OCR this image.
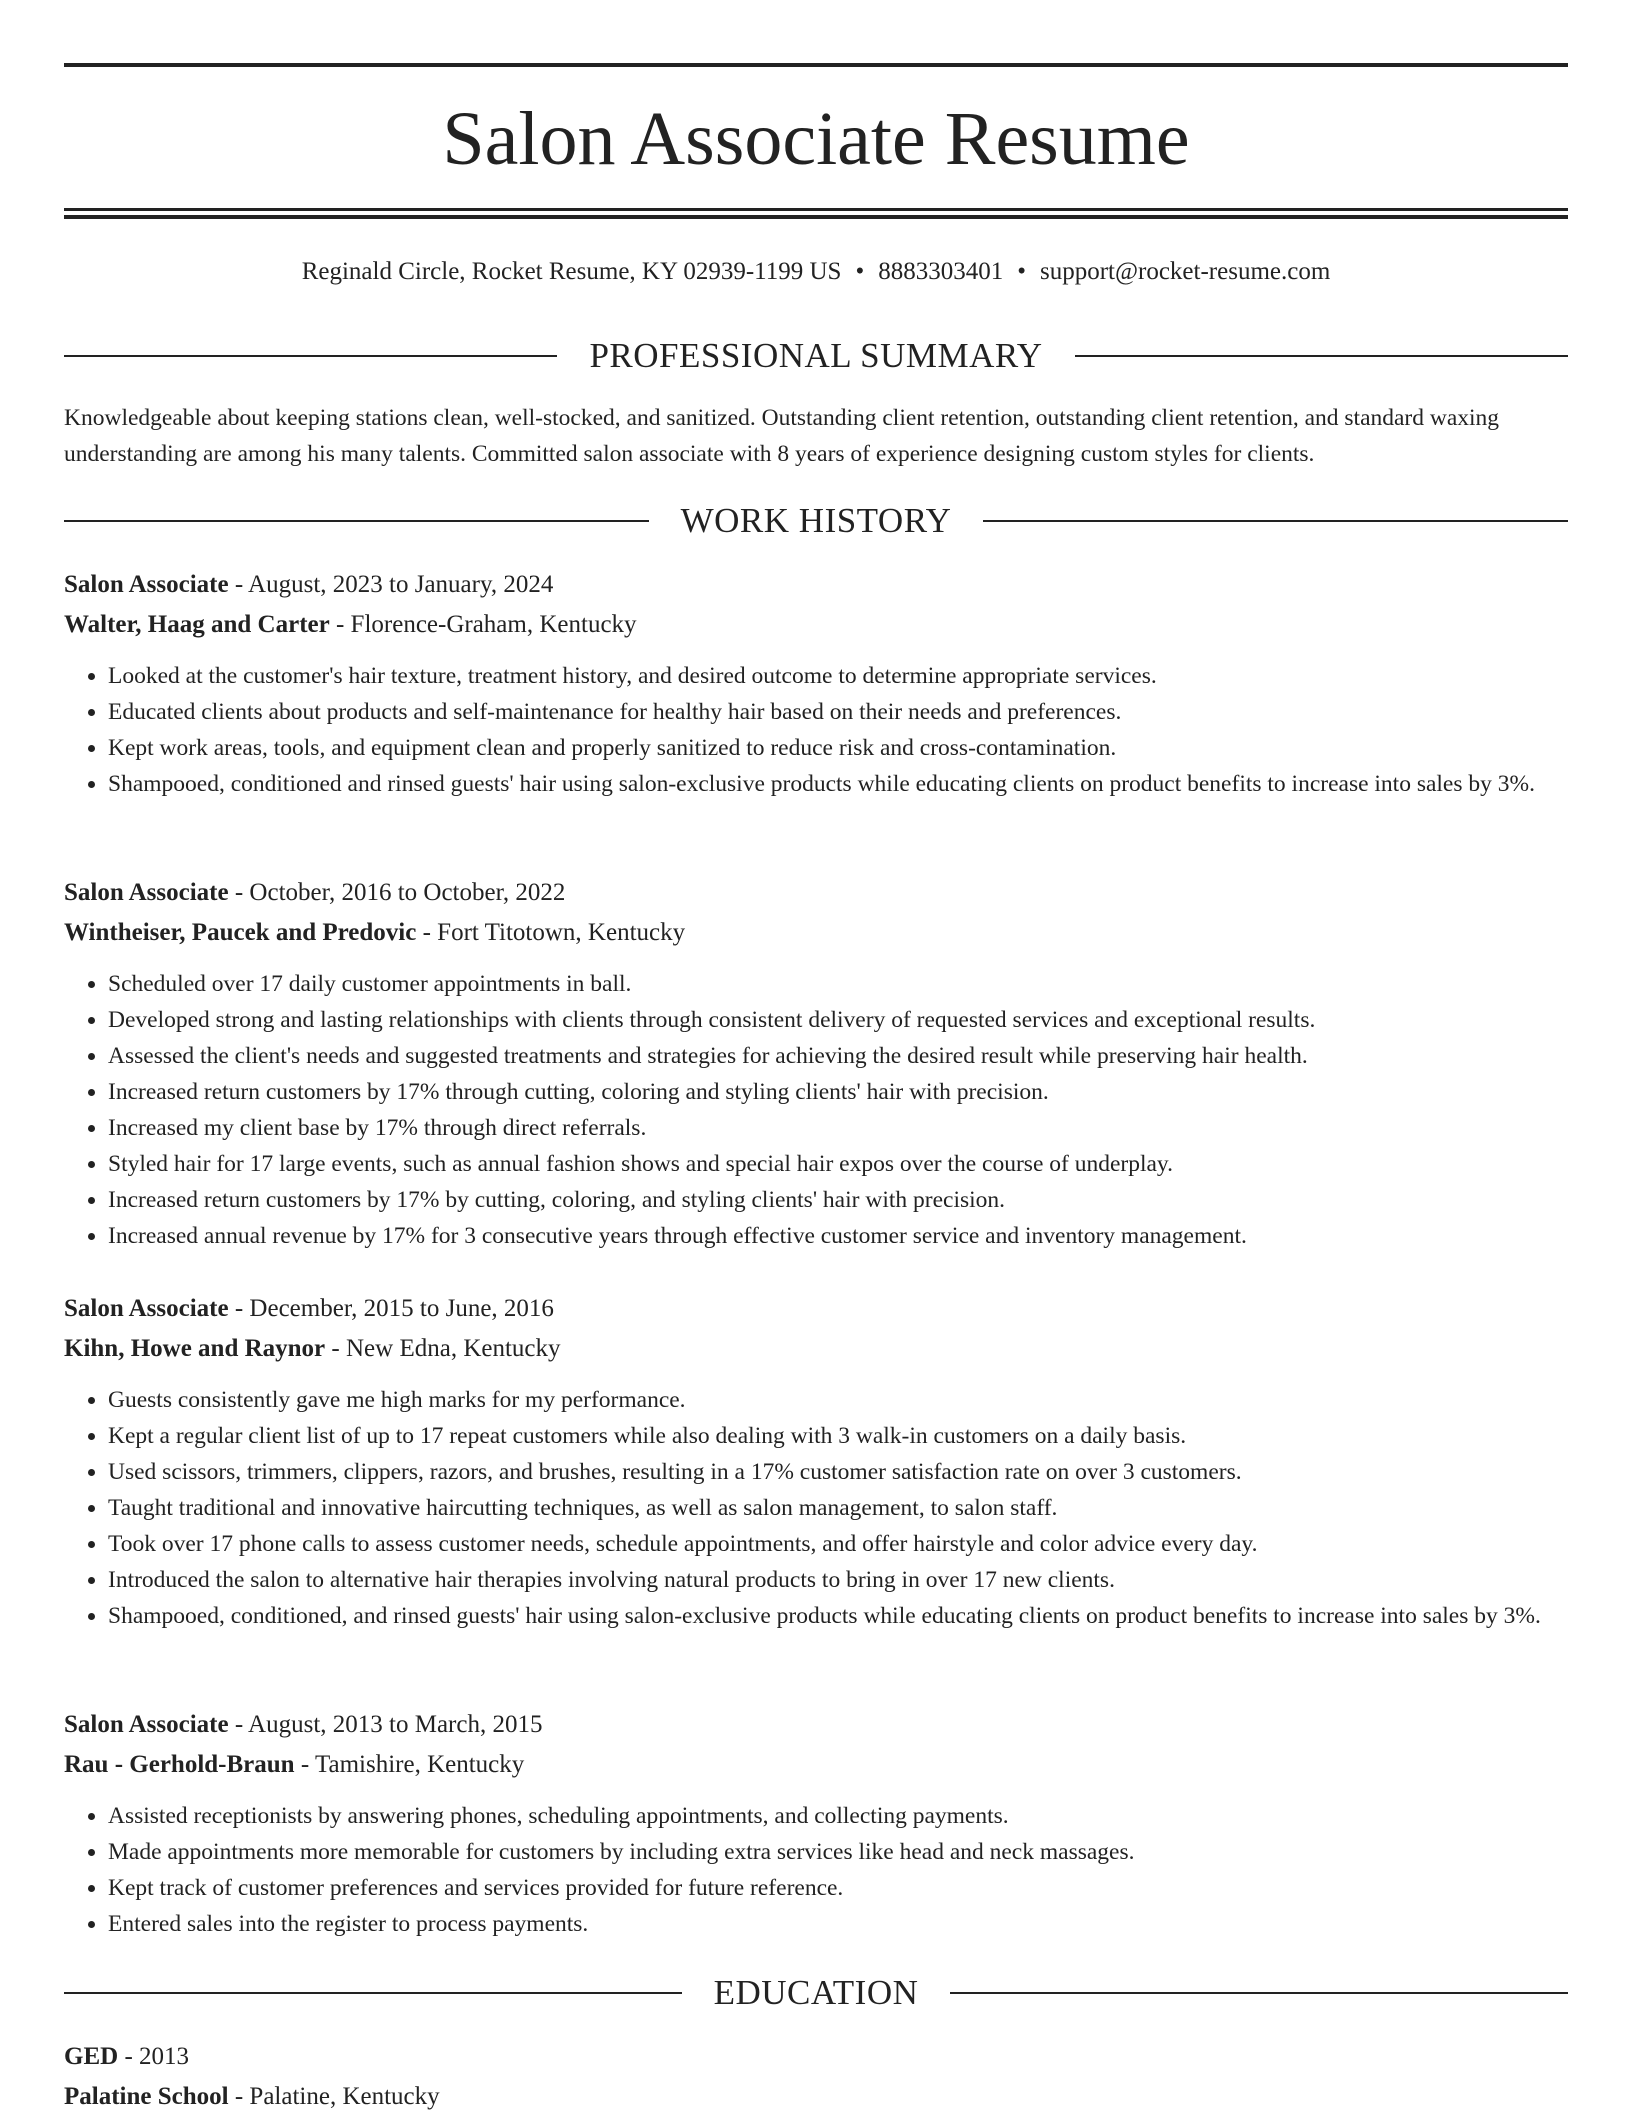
Salon Associate Resume
Reginald Circle, Rocket Resume, KY 02939-1199 US • 8883303401 • support@rocket-resume.com
PROFESSIONAL SUMMARY

Knowledgeable about keeping stations clean, well-stocked, and sanitized. Outstanding client retention, outstanding client retention, and standard waxing understanding are among his many talents. Committed salon associate with 8 years of experience designing custom styles for clients.

WORK HISTORY

Salon Associate - August, 2023 to January, 2024

Walter, Haag and Carter - Florence-Graham, Kentucky

• Looked at the customer's hair texture, treatment history, and desired outcome to determine appropriate services.
• Educated clients about products and self-maintenance for healthy hair based on their needs and preferences.
• Kept work areas, tools, and equipment clean and properly sanitized to reduce risk and cross-contamination.
• Shampooed, conditioned and rinsed guests' hair using salon-exclusive products while educating clients on product benefits to increase into sales by 3%.

Salon Associate - October, 2016 to October, 2022

Wintheiser, Paucek and Predovic - Fort Titotown, Kentucky

• Scheduled over 17 daily customer appointments in ball.
• Developed strong and lasting relationships with clients through consistent delivery of requested services and exceptional results.
• Assessed the client's needs and suggested treatments and strategies for achieving the desired result while preserving hair health.
• Increased return customers by 17% through cutting, coloring and styling clients' hair with precision.
• Increased my client base by 17% through direct referrals.
• Styled hair for 17 large events, such as annual fashion shows and special hair expos over the course of underplay.
• Increased return customers by 17% by cutting, coloring, and styling clients' hair with precision.
• Increased annual revenue by 17% for 3 consecutive years through effective customer service and inventory management.

Salon Associate - December, 2015 to June, 2016

Kihn, Howe and Raynor - New Edna, Kentucky

• Guests consistently gave me high marks for my performance.
• Kept a regular client list of up to 17 repeat customers while also dealing with 3 walk-in customers on a daily basis.
• Used scissors, trimmers, clippers, razors, and brushes, resulting in a 17% customer satisfaction rate on over 3 customers.
• Taught traditional and innovative haircutting techniques, as well as salon management, to salon staff.
• Took over 17 phone calls to assess customer needs, schedule appointments, and offer hairstyle and color advice every day.
• Introduced the salon to alternative hair therapies involving natural products to bring in over 17 new clients.
• Shampooed, conditioned, and rinsed guests' hair using salon-exclusive products while educating clients on product benefits to increase into sales by 3%.

Salon Associate - August, 2013 to March, 2015

Rau - Gerhold-Braun - Tamishire, Kentucky

• Assisted receptionists by answering phones, scheduling appointments, and collecting payments.
• Made appointments more memorable for customers by including extra services like head and neck massages.
• Kept track of customer preferences and services provided for future reference.
• Entered sales into the register to process payments.
EDUCATION

GED - 2013

Palatine School - Palatine, Kentucky
